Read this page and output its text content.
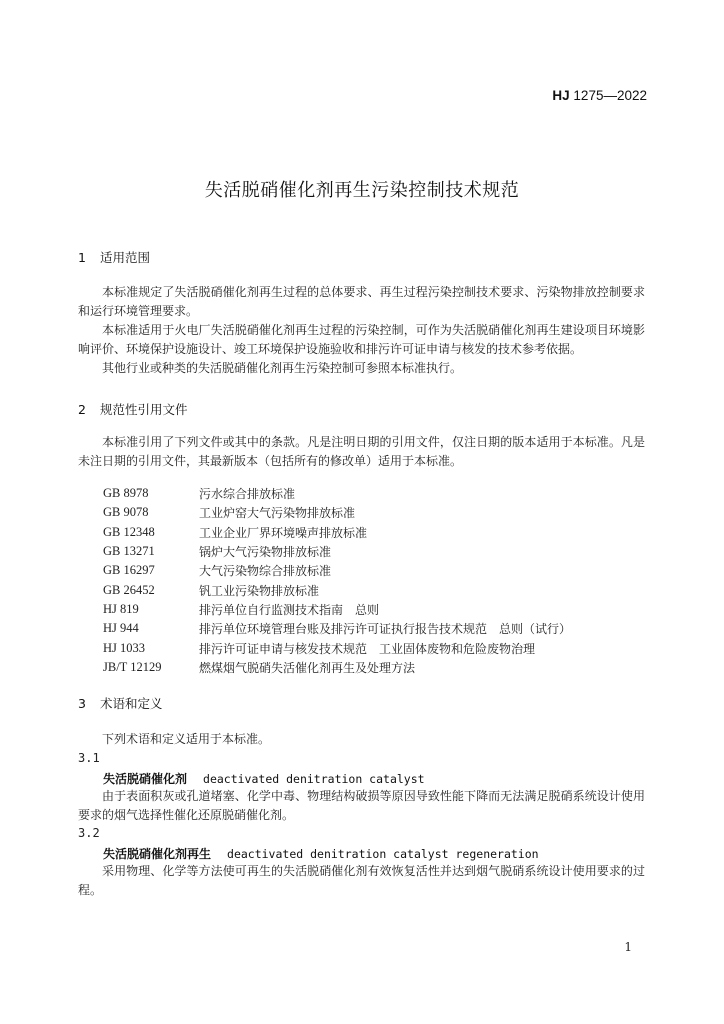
HJ 1275—2022
失活脱硝催化剂再生污染控制技术规范
1 适用范围
本标准规定了失活脱硝催化剂再生过程的总体要求、再生过程污染控制技术要求、污染物排放控制要求和运行环境管理要求。
本标准适用于火电厂失活脱硝催化剂再生过程的污染控制，可作为失活脱硝催化剂再生建设项目环境影响评价、环境保护设施设计、竣工环境保护设施验收和排污许可证申请与核发的技术参考依据。
其他行业或种类的失活脱硝催化剂再生污染控制可参照本标准执行。
2 规范性引用文件
本标准引用了下列文件或其中的条款。凡是注明日期的引用文件，仅注日期的版本适用于本标准。凡是未注日期的引用文件，其最新版本（包括所有的修改单）适用于本标准。
GB 8978	污水综合排放标准
GB 9078	工业炉窑大气污染物排放标准
GB 12348	工业企业厂界环境噪声排放标准
GB 13271	锅炉大气污染物排放标准
GB 16297	大气污染物综合排放标准
GB 26452	钒工业污染物排放标准
HJ 819	排污单位自行监测技术指南　总则
HJ 944	排污单位环境管理台账及排污许可证执行报告技术规范　总则（试行）
HJ 1033	排污许可证申请与核发技术规范　工业固体废物和危险废物治理
JB/T 12129	燃煤烟气脱硝失活催化剂再生及处理方法
3 术语和定义
下列术语和定义适用于本标准。
3.1
失活脱硝催化剂 deactivated denitration catalyst
由于表面积灰或孔道堵塞、化学中毒、物理结构破损等原因导致性能下降而无法满足脱硝系统设计使用要求的烟气选择性催化还原脱硝催化剂。
3.2
失活脱硝催化剂再生 deactivated denitration catalyst regeneration
采用物理、化学等方法使可再生的失活脱硝催化剂有效恢复活性并达到烟气脱硝系统设计使用要求的过程。
1
